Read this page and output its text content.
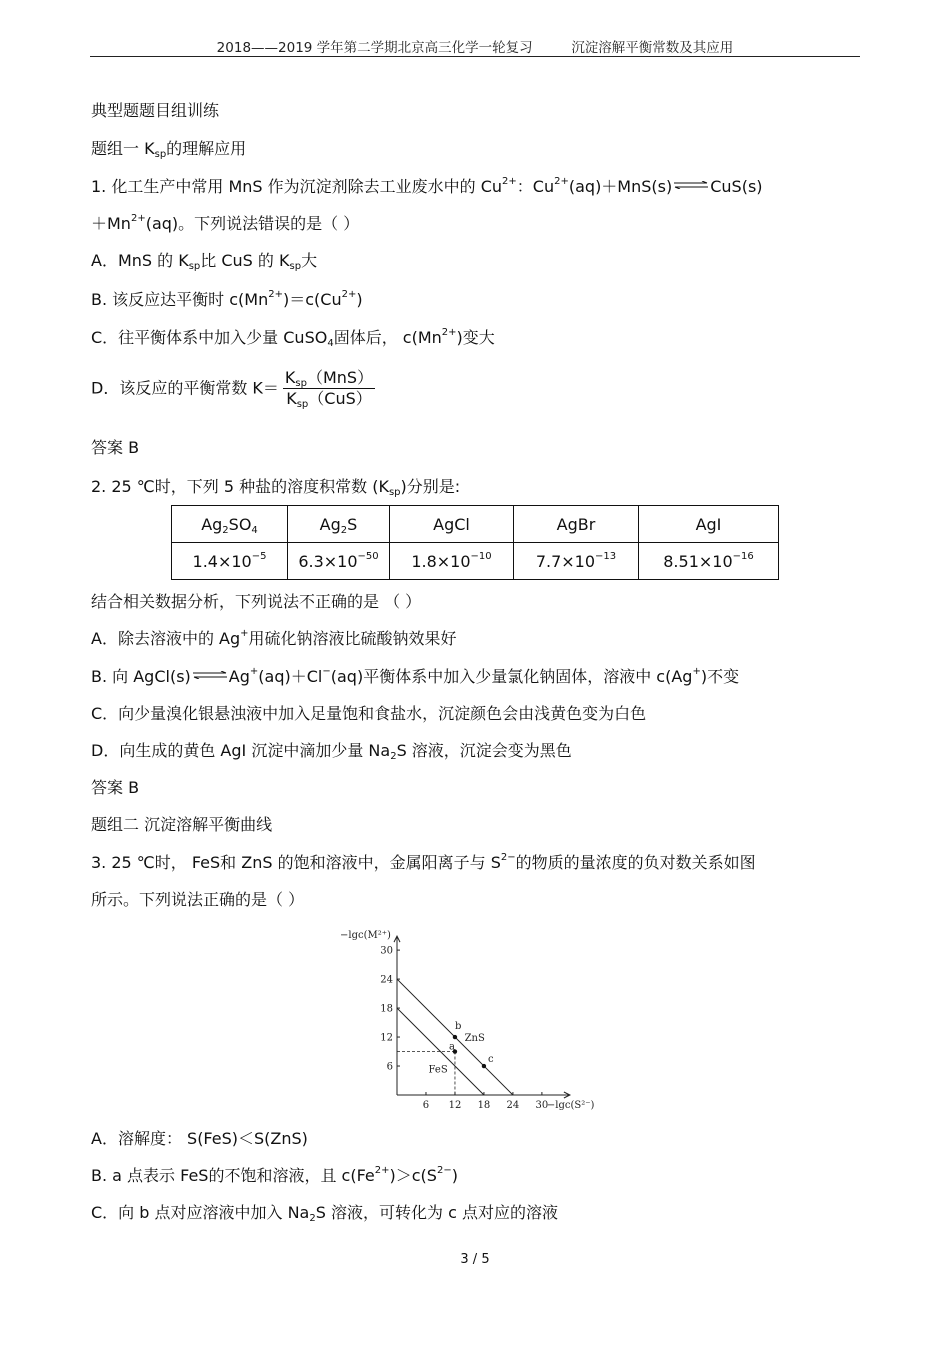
2018——2019 学年第二学期北京高三化学一轮复习	沉淀溶解平衡常数及其应用
典型题题目组训练
题组一 $K_{sp}$的理解应用
1. 化工生产中常用 MnS 作为沉淀剂除去工业废水中的 $Cu^{2+}$：$Cu^{2+}(aq)+MnS(s)$ ⇌ CuS(s)
$+Mn^{2+}(aq)$。下列说法错误的是（ ）
A．MnS 的 $K_{sp}$比 CuS 的 $K_{sp}$大
B. 该反应达平衡时 $c(Mn^{2+})=c(Cu^{2+})$
C．往平衡体系中加入少量 CuSO$_4$固体后， $c(Mn^{2+})$变大
D．该反应的平衡常数 $K= \frac{K_{sp}(MnS)}{K_{sp}(CuS)}$
答案 B
2. 25 ℃时，下列 5 种盐的溶度积常数 $(K_{sp})$分别是:
$Ag_2SO_4$	$Ag_2S$	AgCl	AgBr	AgI
$1.4\times 10^{-5}$	$6.3\times 10^{-50}$	$1.8\times 10^{-10}$	$7.7\times 10^{-13}$	$8.51\times 10^{-16}$
结合相关数据分析，下列说法不正确的是 （ ）
A．除去溶液中的 Ag+用硫化钠溶液比硫酸钠效果好
B. 向 AgCl(s) ⇌ Ag+(aq)＋Cl−(aq)平衡体系中加入少量氯化钠固体，溶液中 c(Ag+)不变
C．向少量溴化银悬浊液中加入足量饱和食盐水，沉淀颜色会由浅黄色变为白色
D．向生成的黄色 AgI 沉淀中滴加少量 $Na_2S$ 溶液，沉淀会变为黑色
答案 B
题组二 沉淀溶解平衡曲线
3. 25 ℃时， FeS和 ZnS 的饱和溶液中，金属阳离子与 $S^{2-}$的物质的量浓度的负对数关系如图
所示。下列说法正确的是（ ）
6 12 18 24 30
6
12
18
24
30
−lgc(M²⁺)
−lgc(S²⁻)
FeS
ZnS
a
b
c
A．溶解度： S(FeS)＜S(ZnS)
B. a 点表示 FeS的不饱和溶液，且 $c(Fe^{2+})>c(S^{2-})$
C．向 b 点对应溶液中加入 $Na_2S$ 溶液，可转化为 c 点对应的溶液
3 / 5
